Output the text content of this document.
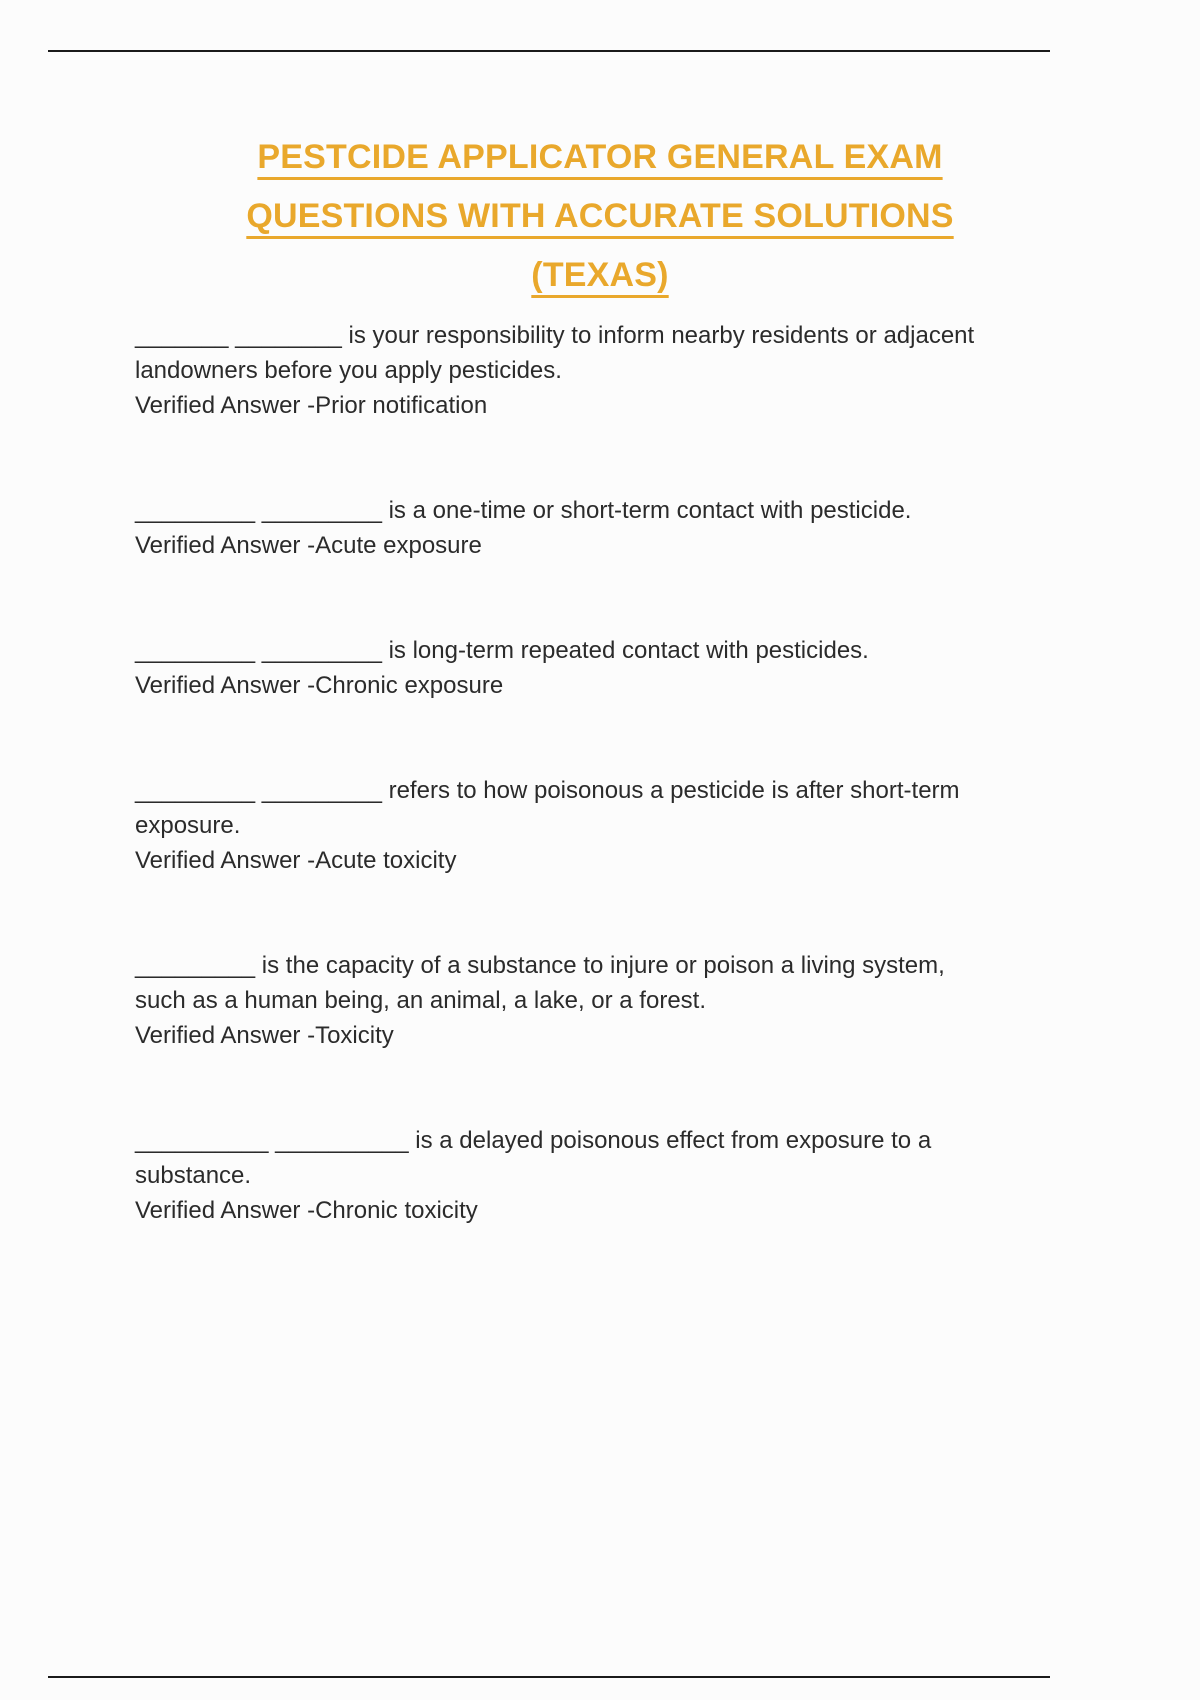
PESTCIDE APPLICATOR GENERAL EXAM
QUESTIONS WITH ACCURATE SOLUTIONS
(TEXAS)

_______ ________ is your responsibility to inform nearby residents or adjacent landowners before you apply pesticides.

Verified Answer -Prior notification

_________ _________ is a one-time or short-term contact with pesticide.

Verified Answer -Acute exposure

_________ _________ is long-term repeated contact with pesticides.

Verified Answer -Chronic exposure

_________ _________ refers to how poisonous a pesticide is after short-term exposure.

Verified Answer -Acute toxicity

_________ is the capacity of a substance to injure or poison a living system, such as a human being, an animal, a lake, or a forest.

Verified Answer -Toxicity

__________ __________ is a delayed poisonous effect from exposure to a substance.

Verified Answer -Chronic toxicity
